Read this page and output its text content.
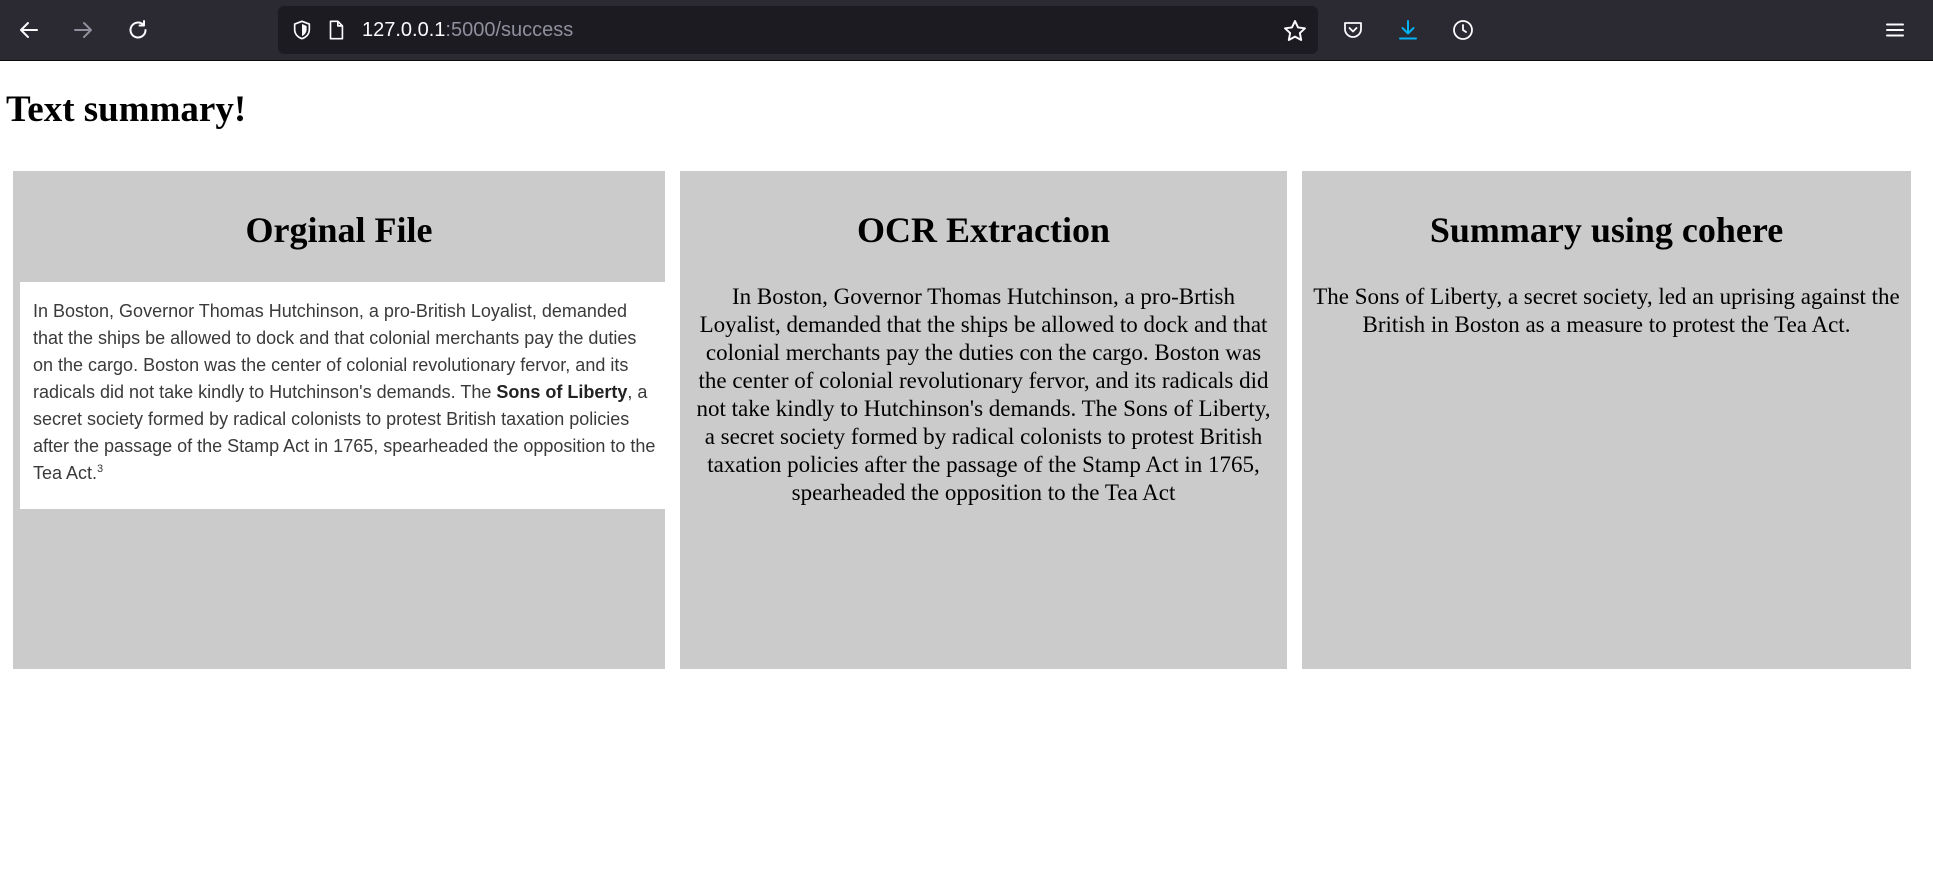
127.0.0.1:5000/success
Text summary!
Orginal File
In Boston, Governor Thomas Hutchinson, a pro-British Loyalist, demanded that the ships be allowed to dock and that colonial merchants pay the duties on the cargo. Boston was the center of colonial revolutionary fervor, and its radicals did not take kindly to Hutchinson's demands. The Sons of Liberty, a secret society formed by radical colonists to protest British taxation policies after the passage of the Stamp Act in 1765, spearheaded the opposition to the Tea Act.$^3$
OCR Extraction
In Boston, Governor Thomas Hutchinson, a pro-Brtish Loyalist, demanded that the ships be allowed to dock and that colonial merchants pay the duties con the cargo. Boston was the center of colonial revolutionary fervor, and its radicals did not take kindly to Hutchinson's demands. The Sons of Liberty, a secret society formed by radical colonists to protest British taxation policies after the passage of the Stamp Act in 1765, spearheaded the opposition to the Tea Act
Summary using cohere
The Sons of Liberty, a secret society, led an uprising against the British in Boston as a measure to protest the Tea Act.
